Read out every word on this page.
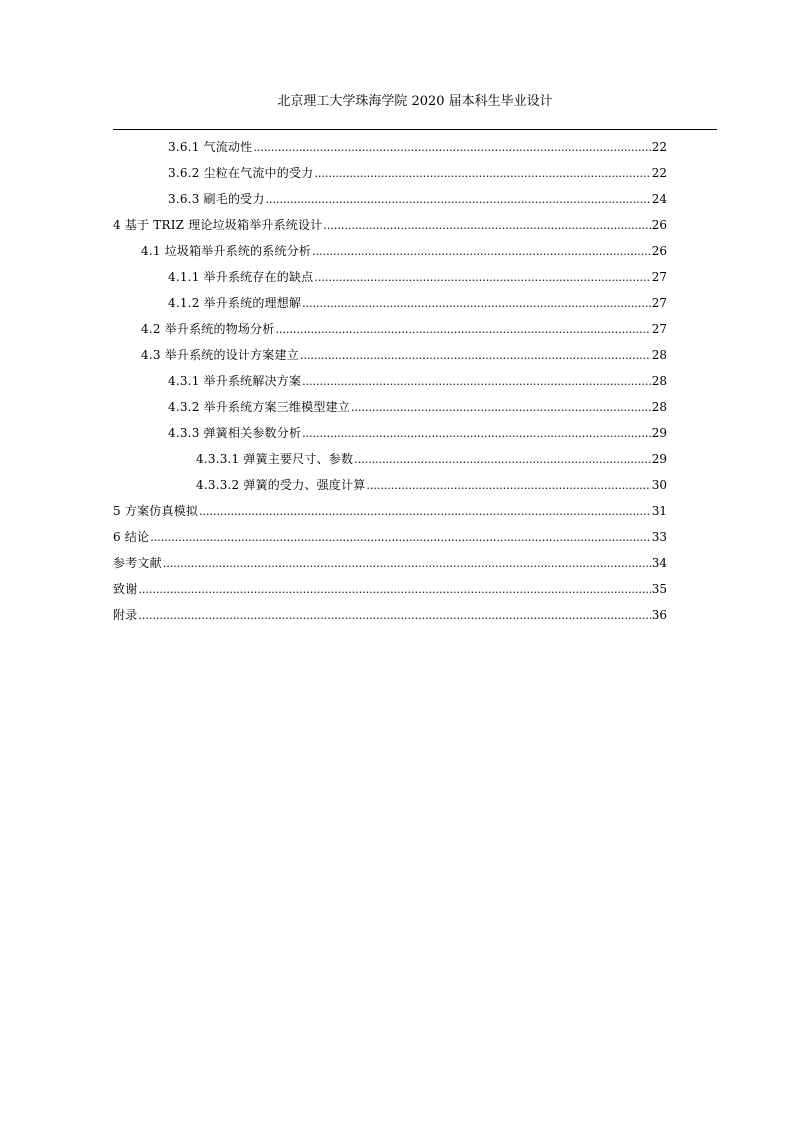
北京理工大学珠海学院 2020 届本科生毕业设计
3.6.1 气流动性 .....	22
3.6.2 尘粒在气流中的受力 .....	22
3.6.3 刷毛的受力 .....	24
4 基于 TRIZ 理论垃圾箱举升系统设计 .....	26
4.1 垃圾箱举升系统的系统分析 .....	26
4.1.1 举升系统存在的缺点 .....	27
4.1.2 举升系统的理想解 .....	27
4.2 举升系统的物场分析 .....	27
4.3 举升系统的设计方案建立 .....	28
4.3.1 举升系统解决方案 .....	28
4.3.2 举升系统方案三维模型建立 .....	28
4.3.3 弹簧相关参数分析 .....	29
4.3.3.1 弹簧主要尺寸、参数 .....	29
4.3.3.2 弹簧的受力、强度计算 .....	30
5 方案仿真模拟 .....	31
6 结论 .....	33
参考文献 .....	34
致谢 .....	35
附录 .....	36
